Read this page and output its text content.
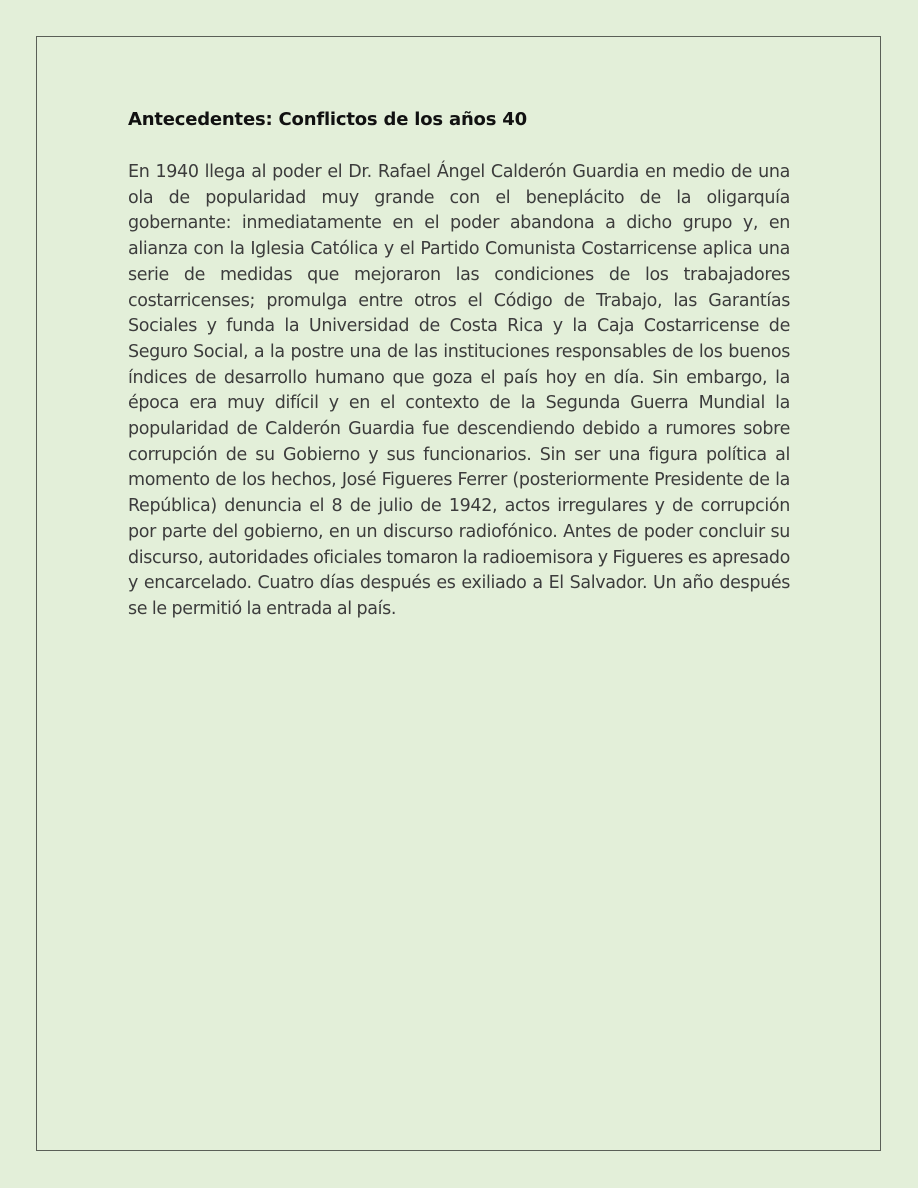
Antecedentes: Conflictos de los años 40

En 1940 llega al poder el Dr. Rafael Ángel Calderón Guardia en medio de una ola de popularidad muy grande con el beneplácito de la oligarquía gobernante: inmediatamente en el poder abandona a dicho grupo y, en alianza con la Iglesia Católica y el Partido Comunista Costarricense aplica una serie de medidas que mejoraron las condiciones de los trabajadores costarricenses; promulga entre otros el Código de Trabajo, las Garantías Sociales y funda la Universidad de Costa Rica y la Caja Costarricense de Seguro Social, a la postre una de las instituciones responsables de los buenos índices de desarrollo humano que goza el país hoy en día. Sin embargo, la época era muy difícil y en el contexto de la Segunda Guerra Mundial la popularidad de Calderón Guardia fue descendiendo debido a rumores sobre corrupción de su Gobierno y sus funcionarios. Sin ser una figura política al momento de los hechos, José Figueres Ferrer (posteriormente Presidente de la República) denuncia el 8 de julio de 1942, actos irregulares y de corrupción por parte del gobierno, en un discurso radiofónico. Antes de poder concluir su discurso, autoridades oficiales tomaron la radioemisora y Figueres es apresado y encarcelado. Cuatro días después es exiliado a El Salvador. Un año después se le permitió la entrada al país.
